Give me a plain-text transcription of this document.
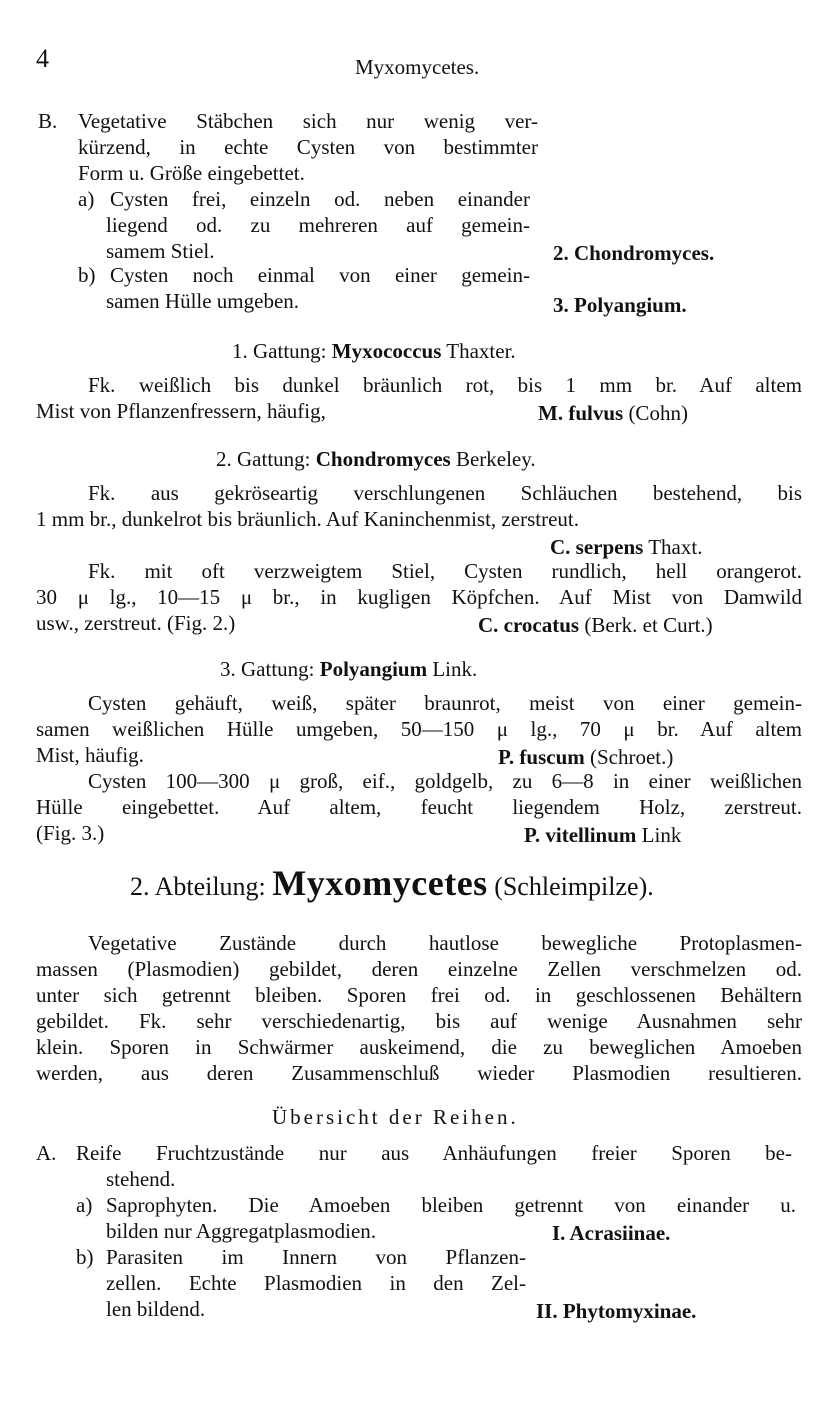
4	Myxomycetes.
B. Vegetative Stäbchen sich nur wenig ver-
kürzend, in echte Cysten von bestimmter
Form u. Größe eingebettet.
a) Cysten frei, einzeln od. neben einander
liegend od. zu mehreren auf gemein-
samem Stiel.	2. Chondromyces.
b) Cysten noch einmal von einer gemein-
samen Hülle umgeben.	3. Polyangium.
1. Gattung: Myxococcus Thaxter.
Fk. weißlich bis dunkel bräunlich rot, bis 1 mm br. Auf altem
Mist von Pflanzenfressern, häufig,	M. fulvus (Cohn)
2. Gattung: Chondromyces Berkeley.
Fk. aus gekröseartig verschlungenen Schläuchen bestehend, bis
1 mm br., dunkelrot bis bräunlich. Auf Kaninchenmist, zerstreut.
C. serpens Thaxt.
Fk. mit oft verzweigtem Stiel, Cysten rundlich, hell orangerot.
30 μ lg., 10—15 μ br., in kugligen Köpfchen. Auf Mist von Damwild
usw., zerstreut. (Fig. 2.)	C. crocatus (Berk. et Curt.)
3. Gattung: Polyangium Link.
Cysten gehäuft, weiß, später braunrot, meist von einer gemein-
samen weißlichen Hülle umgeben, 50—150 μ lg., 70 μ br. Auf altem
Mist, häufig.	P. fuscum (Schroet.)
Cysten 100—300 μ groß, eif., goldgelb, zu 6—8 in einer weißlichen
Hülle eingebettet. Auf altem, feucht liegendem Holz, zerstreut.
(Fig. 3.)	P. vitellinum Link
2. Abteilung: Myxomycetes (Schleimpilze).
Vegetative Zustände durch hautlose bewegliche Protoplasmen-
massen (Plasmodien) gebildet, deren einzelne Zellen verschmelzen od.
unter sich getrennt bleiben. Sporen frei od. in geschlossenen Behältern
gebildet. Fk. sehr verschiedenartig, bis auf wenige Ausnahmen sehr
klein. Sporen in Schwärmer auskeimend, die zu beweglichen Amoeben
werden, aus deren Zusammenschluß wieder Plasmodien resultieren.
Übersicht der Reihen.
A. Reife Fruchtzustände nur aus Anhäufungen freier Sporen be-
stehend.
a) Saprophyten. Die Amoeben bleiben getrennt von einander u.
bilden nur Aggregatplasmodien.	I. Acrasiinae.
b) Parasiten im Innern von Pflanzen-
zellen. Echte Plasmodien in den Zel-
len bildend.	II. Phytomyxinae.
